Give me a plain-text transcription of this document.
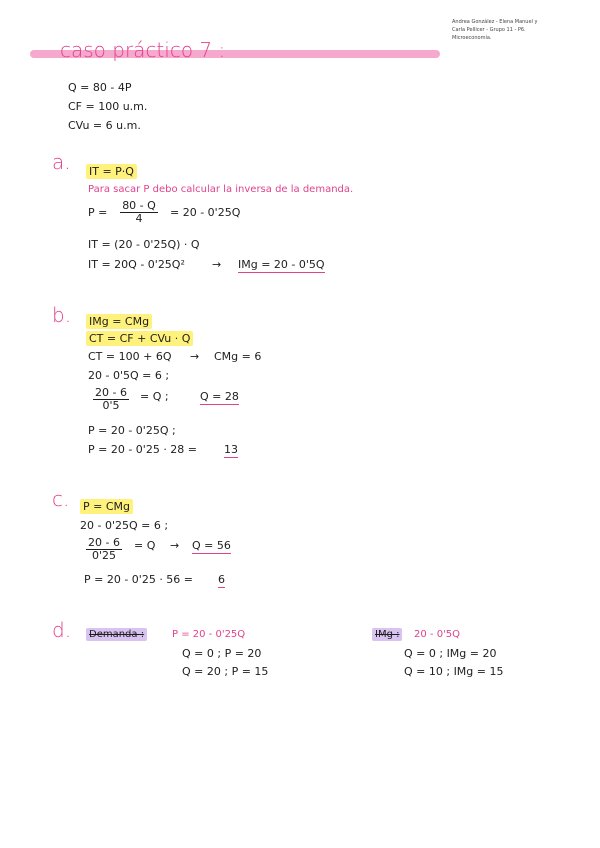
Andrea González - Elena Manuel y
Carla Pellicer - Grupo 11 - P6.
Microeconomía.
caso práctico 7 :
Q = 80 - 4P
CF = 100 u.m.
CVu = 6 u.m.
a. IT = P·Q
Para sacar P debo calcular la inversa de la demanda.
$P = \frac{80 - Q}{4} = 20 - 0'25Q$
IT = (20 - 0'25Q) · Q
IT = 20Q - 0'25Q² → IMg = 20 - 0'5Q
b. IMg = CMg
CT = CF + CVu · Q
CT = 100 + 6Q → CMg = 6
20 - 0'5Q = 6 ;
$\frac{20 - 6}{0'5} = Q$ ;	Q = 28
P = 20 - 0'25Q ;
P = 20 - 0'25 · 28 = 13
c. P = CMg
20 - 0'25Q = 6 ;
$\frac{20 - 6}{0'25} = Q \to Q = 56$
P = 20 - 0'25 · 56 = 6
d.	Demanda :	P = 20 - 0'25Q
Q = 0 ; P = 20
Q = 20 ; P = 15
IMg :	20 - 0'5Q
Q = 0 ; IMg = 20
Q = 10 ; IMg = 15
